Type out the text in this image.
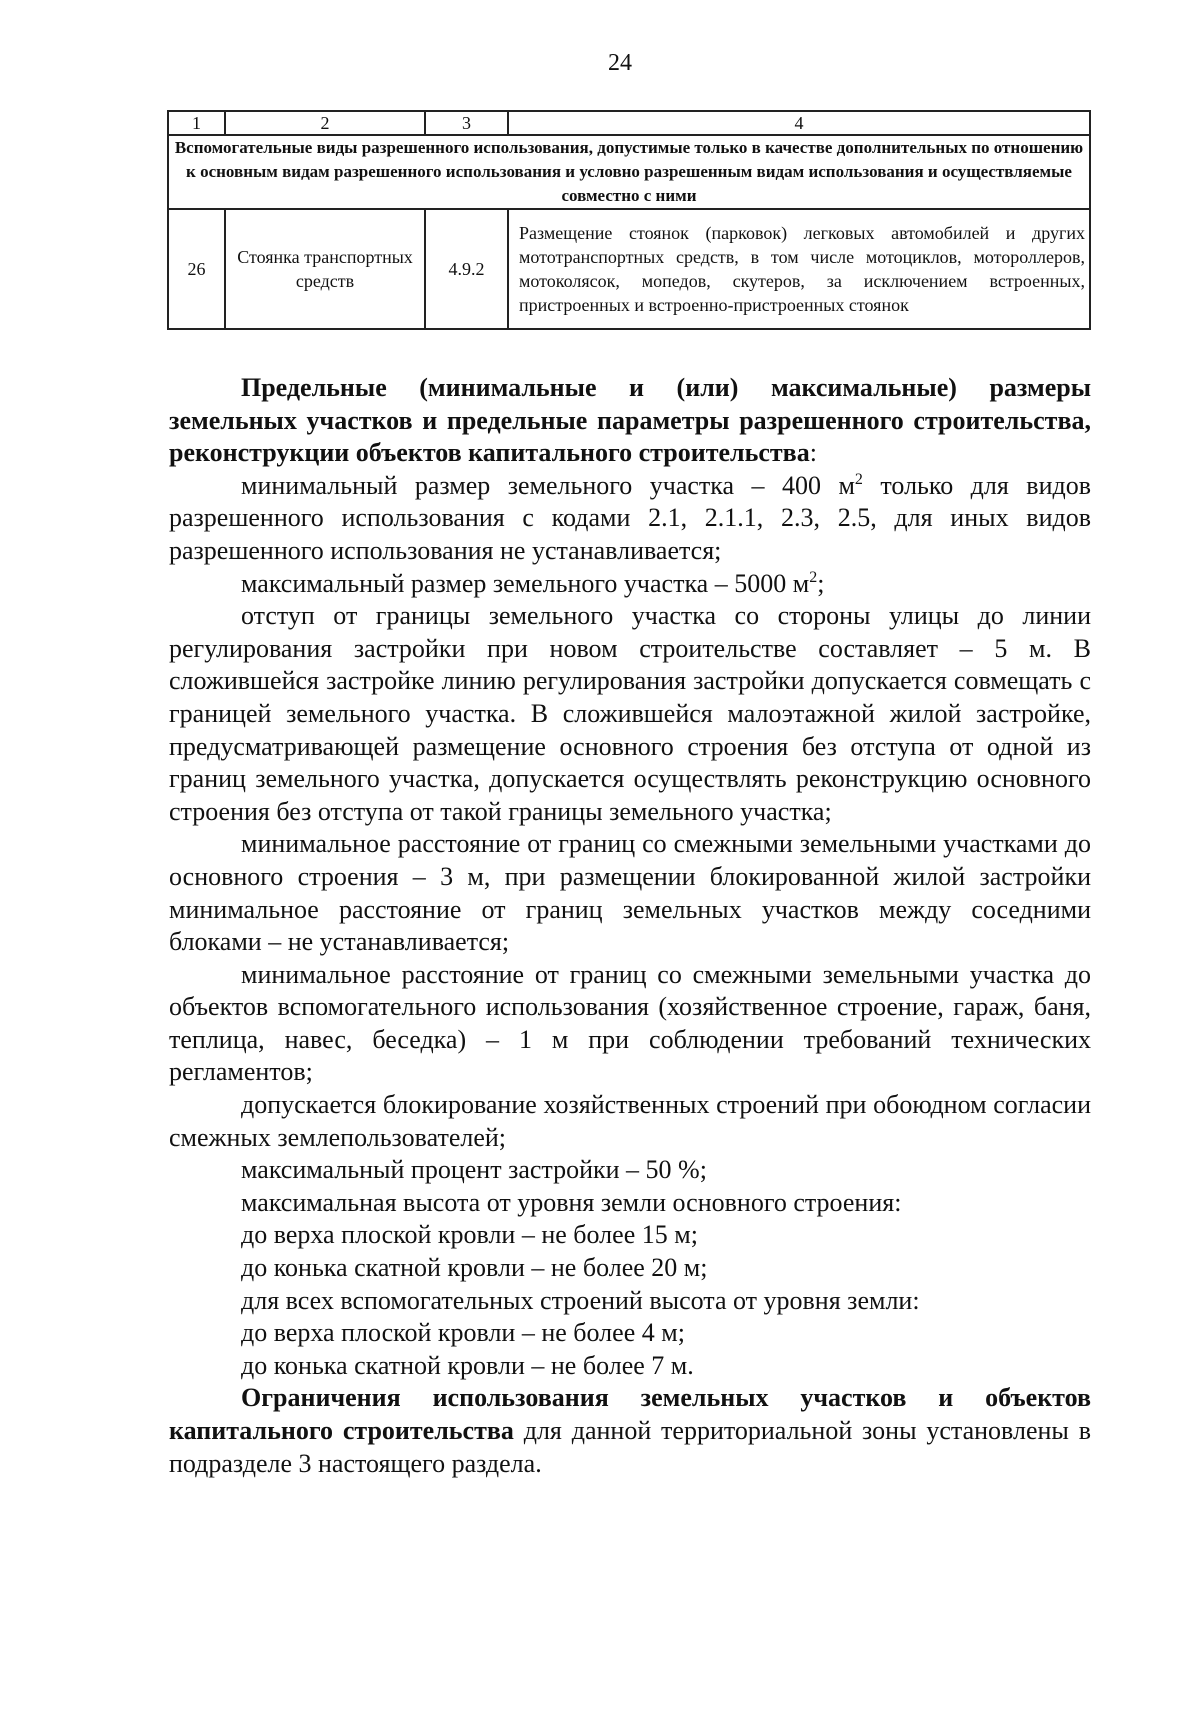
24
1	2	3	4
Вспомогательные виды разрешенного использования, допустимые только в качестве дополнительных по отношению к основным видам разрешенного использования и условно разрешенным видам использования и осуществляемые совместно с ними			
26	Стоянка транспортных средств	4.9.2	Размещение стоянок (парковок) легковых автомобилей и других мототранспортных средств, в том числе мотоциклов, мотороллеров, мотоколясок, мопедов, скутеров, за исключением встроенных, пристроенных и встроенно-пристроенных стоянок

Предельные (минимальные и (или) максимальные) размеры земельных участков и предельные параметры разрешенного строительства, реконструкции объектов капитального строительства:

минимальный размер земельного участка – 400 $м^2$ только для видов разрешенного использования с кодами 2.1, 2.1.1, 2.3, 2.5, для иных видов разрешенного использования не устанавливается;

максимальный размер земельного участка – 5000 $м^2$;

отступ от границы земельного участка со стороны улицы до линии регулирования застройки при новом строительстве составляет – 5 м. В сложившейся застройке линию регулирования застройки допускается совмещать с границей земельного участка. В сложившейся малоэтажной жилой застройке, предусматривающей размещение основного строения без отступа от одной из границ земельного участка, допускается осуществлять реконструкцию основного строения без отступа от такой границы земельного участка;

минимальное расстояние от границ со смежными земельными участками до основного строения – 3 м, при размещении блокированной жилой застройки минимальное расстояние от границ земельных участков между соседними блоками – не устанавливается;

минимальное расстояние от границ со смежными земельными участка до объектов вспомогательного использования (хозяйственное строение, гараж, баня, теплица, навес, беседка) – 1 м при соблюдении требований технических регламентов;

допускается блокирование хозяйственных строений при обоюдном согласии смежных землепользователей;

максимальный процент застройки – 50 %;

максимальная высота от уровня земли основного строения:

до верха плоской кровли – не более 15 м;

до конька скатной кровли – не более 20 м;

для всех вспомогательных строений высота от уровня земли:

до верха плоской кровли – не более 4 м;

до конька скатной кровли – не более 7 м.

Ограничения использования земельных участков и объектов капитального строительства для данной территориальной зоны установлены в подразделе 3 настоящего раздела.
